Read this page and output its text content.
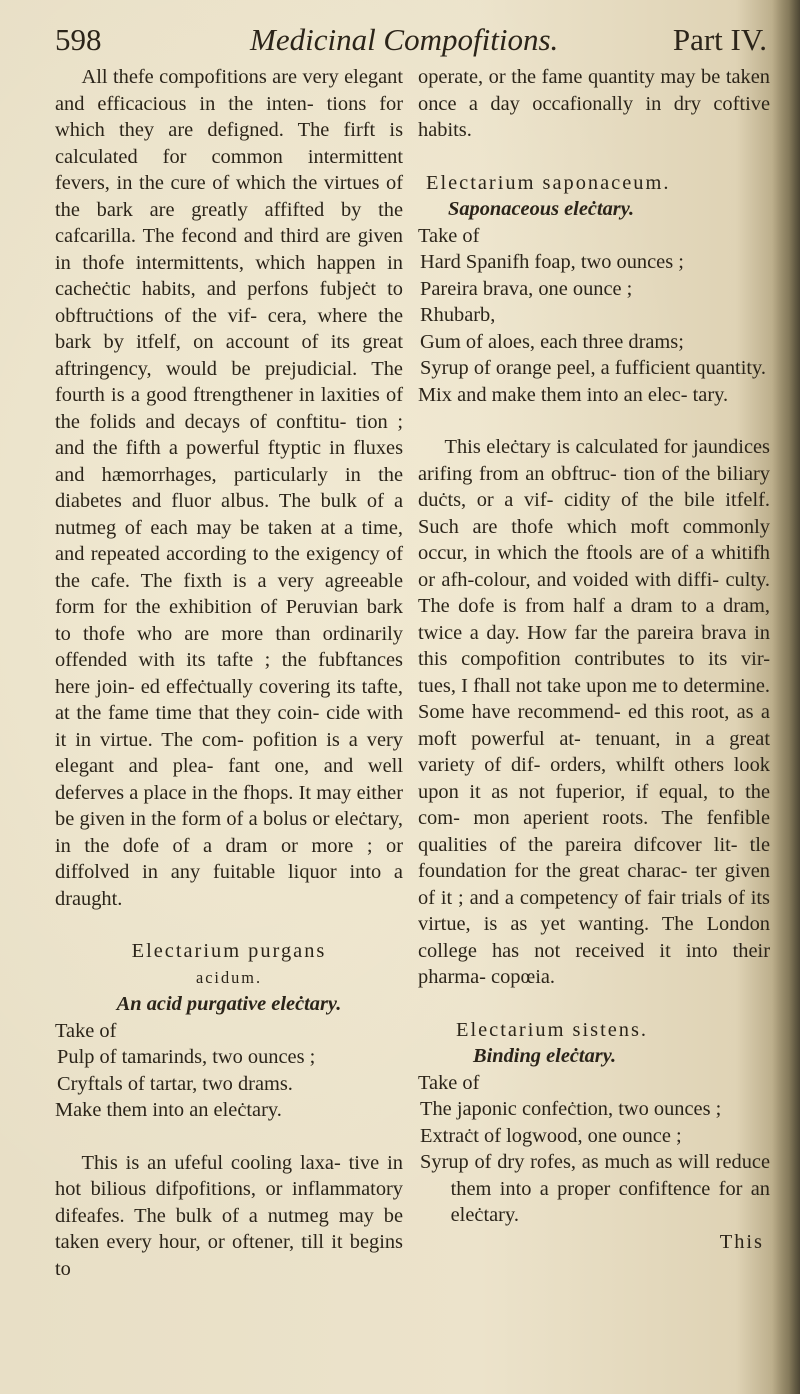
598	Medicinal Compofitions.	Part IV.

All thefe compofitions are very elegant and efficacious in the inten- tions for which they are defigned. The firft is calculated for common intermittent fevers, in the cure of which the virtues of the bark are greatly affifted by the cafcarilla. The fecond and third are given in thofe intermittents, which happen in cacheċtic habits, and perfons fubjeċt to obftruċtions of the vif- cera, where the bark by itfelf, on account of its great aftringency, would be prejudicial. The fourth is a good ftrengthener in laxities of the folids and decays of conftitu- tion ; and the fifth a powerful ftyptic in fluxes and hæmorrhages, particularly in the diabetes and fluor albus. The bulk of a nutmeg of each may be taken at a time, and repeated according to the exigency of the cafe. The fixth is a very agreeable form for the exhibition of Peruvian bark to thofe who are more than ordinarily offended with its tafte ; the fubftances here join- ed effeċtually covering its tafte, at the fame time that they coin- cide with it in virtue. The com- pofition is a very elegant and plea- fant one, and well deferves a place in the fhops. It may either be given in the form of a bolus or eleċtary, in the dofe of a dram or more ; or diffolved in any fuitable liquor into a draught.

Electarium purgans

acidum.

An acid purgative eleċtary.

Take of

Pulp of tamarinds, two ounces ;

Cryftals of tartar, two drams.

Make them into an eleċtary.

This is an ufeful cooling laxa- tive in hot bilious difpofitions, or inflammatory difeafes. The bulk of a nutmeg may be taken every hour, or oftener, till it begins to

operate, or the fame quantity may be taken once a day occafionally in dry coftive habits.

Electarium saponaceum.

Saponaceous eleċtary.

Take of

Hard Spanifh foap, two ounces ;

Pareira brava, one ounce ;

Rhubarb,

Gum of aloes, each three drams;

Syrup of orange peel, a fufficient quantity.

Mix and make them into an elec- tary.

This eleċtary is calculated for jaundices arifing from an obftruc- tion of the biliary duċts, or a vif- cidity of the bile itfelf. Such are thofe which moft commonly occur, in which the ftools are of a whitifh or afh-colour, and voided with diffi- culty. The dofe is from half a dram to a dram, twice a day. How far the pareira brava in this compofition contributes to its vir- tues, I fhall not take upon me to determine. Some have recommend- ed this root, as a moft powerful at- tenuant, in a great variety of dif- orders, whilft others look upon it as not fuperior, if equal, to the com- mon aperient roots. The fenfible qualities of the pareira difcover lit- tle foundation for the great charac- ter given of it ; and a competency of fair trials of its virtue, is as yet wanting. The London college has not received it into their pharma- copœia.

Electarium sistens.

Binding eleċtary.

Take of

The japonic confeċtion, two ounces ;

Extraċt of logwood, one ounce ;

Syrup of dry rofes, as much as will reduce them into a proper confiftence for an eleċtary.

This
